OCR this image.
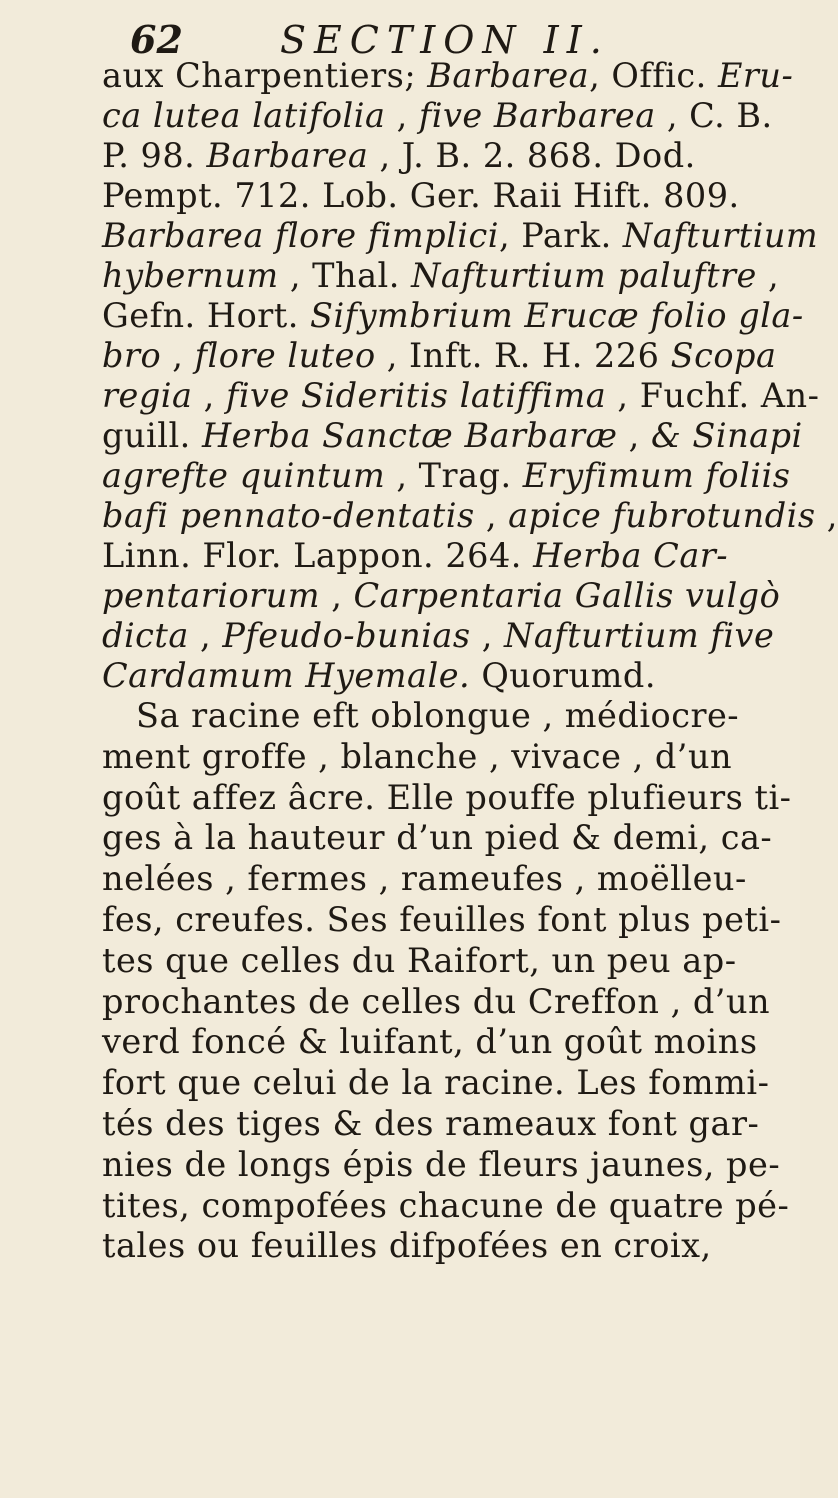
62	SECTION II.
aux Charpentiers; Barbarea, Offic. Eru-
ca lutea latifolia , five Barbarea , C. B.
P. 98. Barbarea , J. B. 2. 868. Dod.
Pempt. 712. Lob. Ger. Raii Hift. 809.
Barbarea flore fimplici, Park. Nafturtium
hybernum , Thal. Nafturtium paluftre ,
Gefn. Hort. Sifymbrium Erucæ folio gla-
bro , flore luteo , Inft. R. H. 226 Scopa
regia , five Sideritis latiffima , Fuchf. An-
guill. Herba Sanctæ Barbaræ , & Sinapi
agrefte quintum , Trag. Eryfimum foliis
bafi pennato-dentatis , apice fubrotundis ,
Linn. Flor. Lappon. 264. Herba Car-
pentariorum , Carpentaria Gallis vulgò
dicta , Pfeudo-bunias , Nafturtium five
Cardamum Hyemale. Quorumd.
Sa racine eft oblongue , médiocre-
ment groffe , blanche , vivace , d’un
goût affez âcre. Elle pouffe plufieurs ti-
ges à la hauteur d’un pied & demi, ca-
nelées , fermes , rameufes , moëlleu-
fes, creufes. Ses feuilles font plus peti-
tes que celles du Raifort, un peu ap-
prochantes de celles du Creffon , d’un
verd foncé & luifant, d’un goût moins
fort que celui de la racine. Les fommi-
tés des tiges & des rameaux font gar-
nies de longs épis de fleurs jaunes, pe-
tites, compofées chacune de quatre pé-
tales ou feuilles difpofées en croix,
